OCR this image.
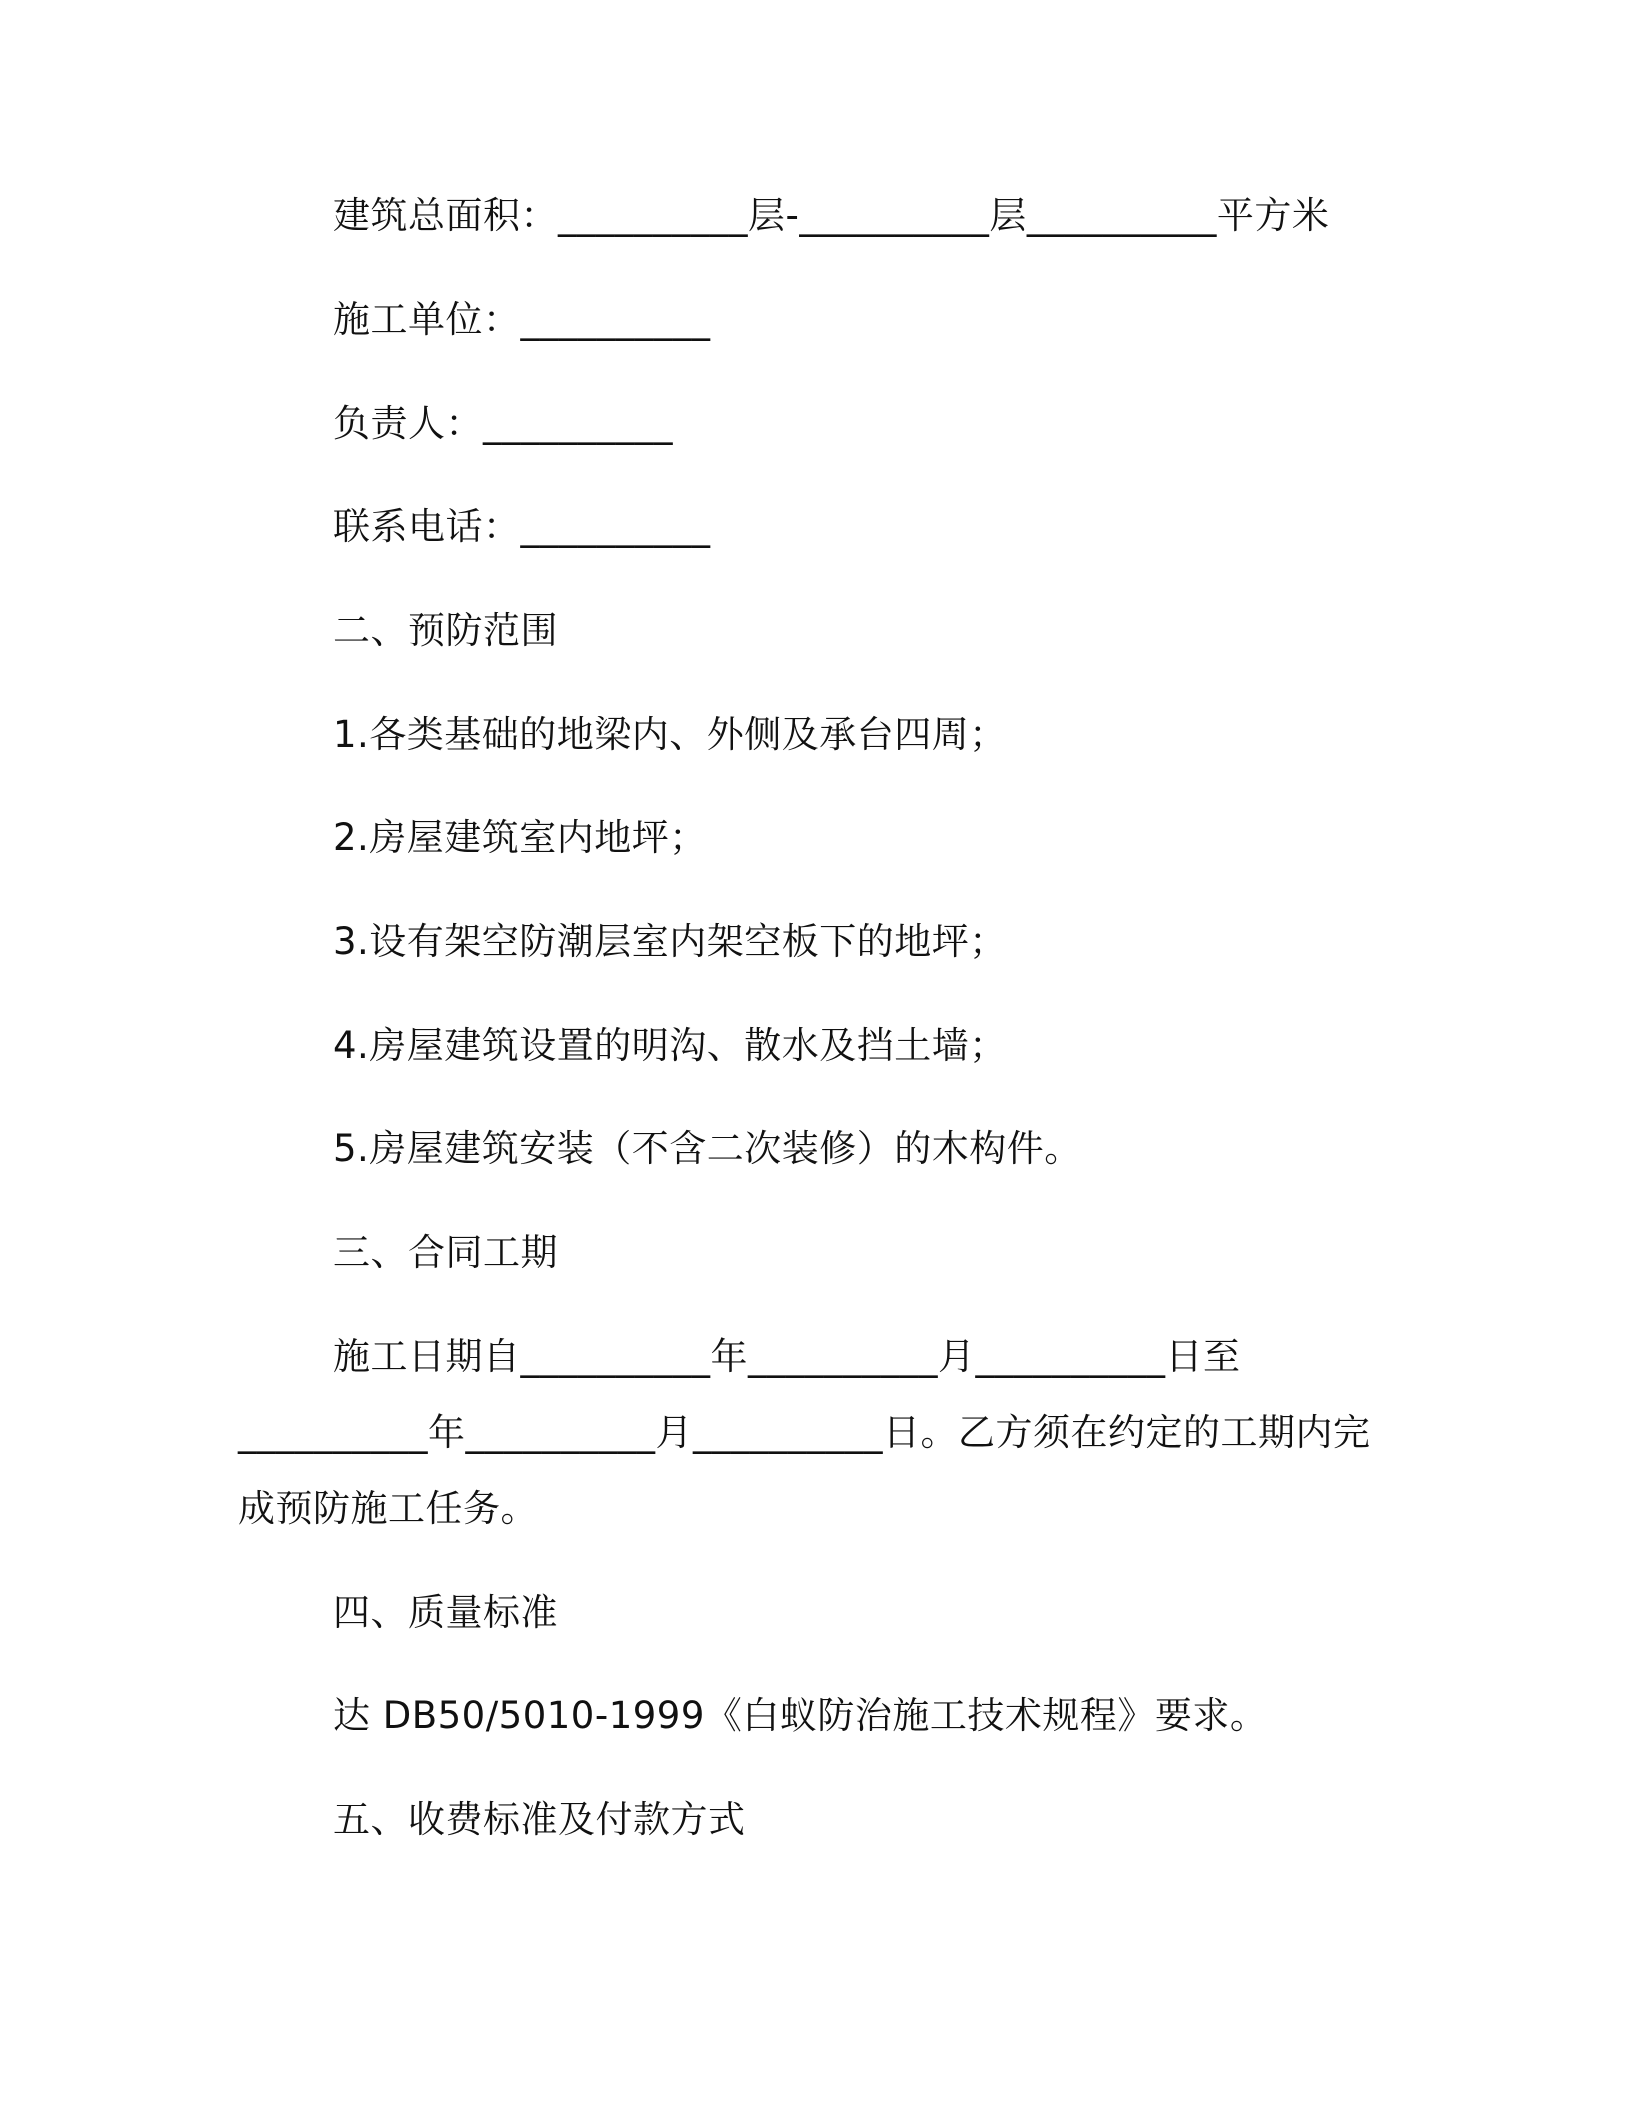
建筑总面积：__________层-__________层__________平方米
施工单位：__________
负责人：__________
联系电话：__________
二、预防范围
1.各类基础的地梁内、外侧及承台四周；
2.房屋建筑室内地坪；
3.设有架空防潮层室内架空板下的地坪；
4.房屋建筑设置的明沟、散水及挡土墙；
5.房屋建筑安装（不含二次装修）的木构件。
三、合同工期
施工日期自__________年__________月__________日至
__________年__________月__________日。乙方须在约定的工期内完
成预防施工任务。
四、质量标准
达 DB50/5010-1999《白蚁防治施工技术规程》要求。
五、收费标准及付款方式
